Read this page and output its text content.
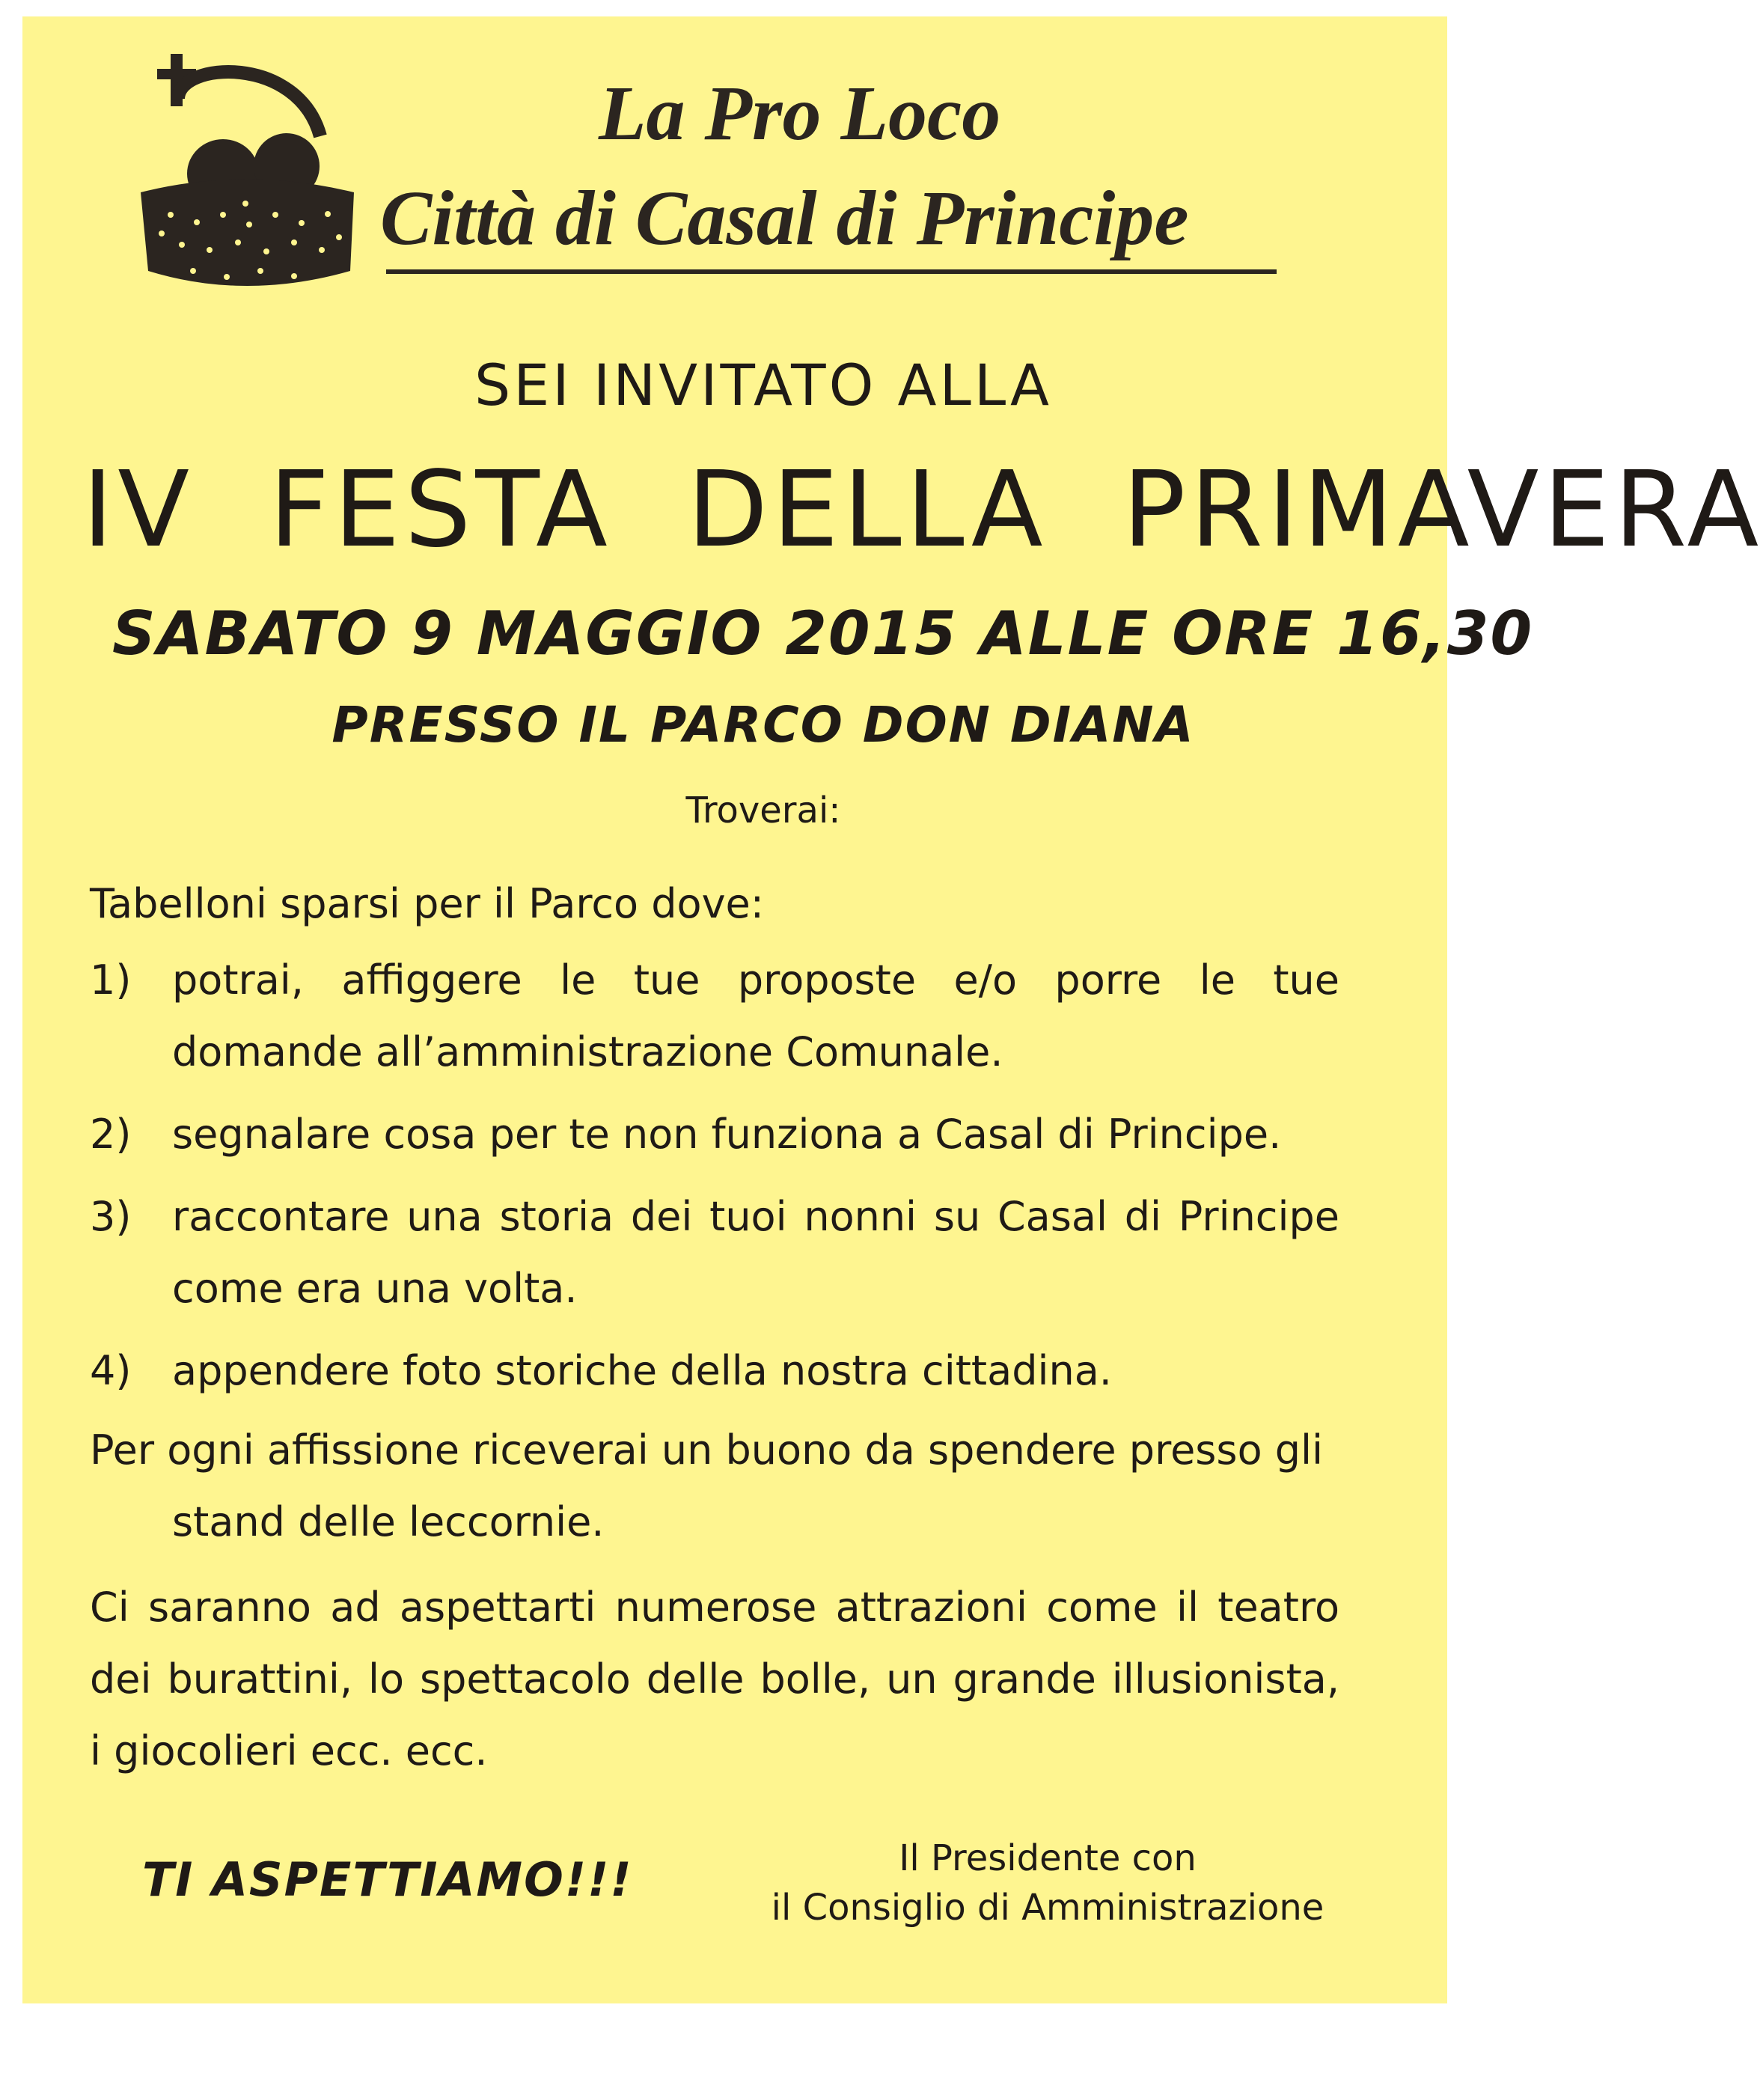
La Pro Loco
Città di Casal di Principe
SEI INVITATO ALLA
IV FESTA DELLA PRIMAVERA
SABATO 9 MAGGIO 2015 ALLE ORE 16,30
PRESSO IL PARCO DON DIANA
Troverai:
Tabelloni sparsi per il Parco dove:
1)	potrai, affiggere le tue proposte e/o porre le tue domande all’amministrazione Comunale.
2)	segnalare cosa per te non funziona a Casal di Principe.
3)	raccontare una storia dei tuoi nonni su Casal di Principe come era una volta.
4)	appendere foto storiche della nostra cittadina.
Per ogni affissione riceverai un buono da spendere presso gli stand delle leccornie.
Ci saranno ad aspettarti numerose attrazioni come il teatro dei burattini, lo spettacolo delle bolle, un grande illusionista, i giocolieri ecc. ecc.
TI ASPETTIAMO!!!	Il Presidente con
il Consiglio di Amministrazione
